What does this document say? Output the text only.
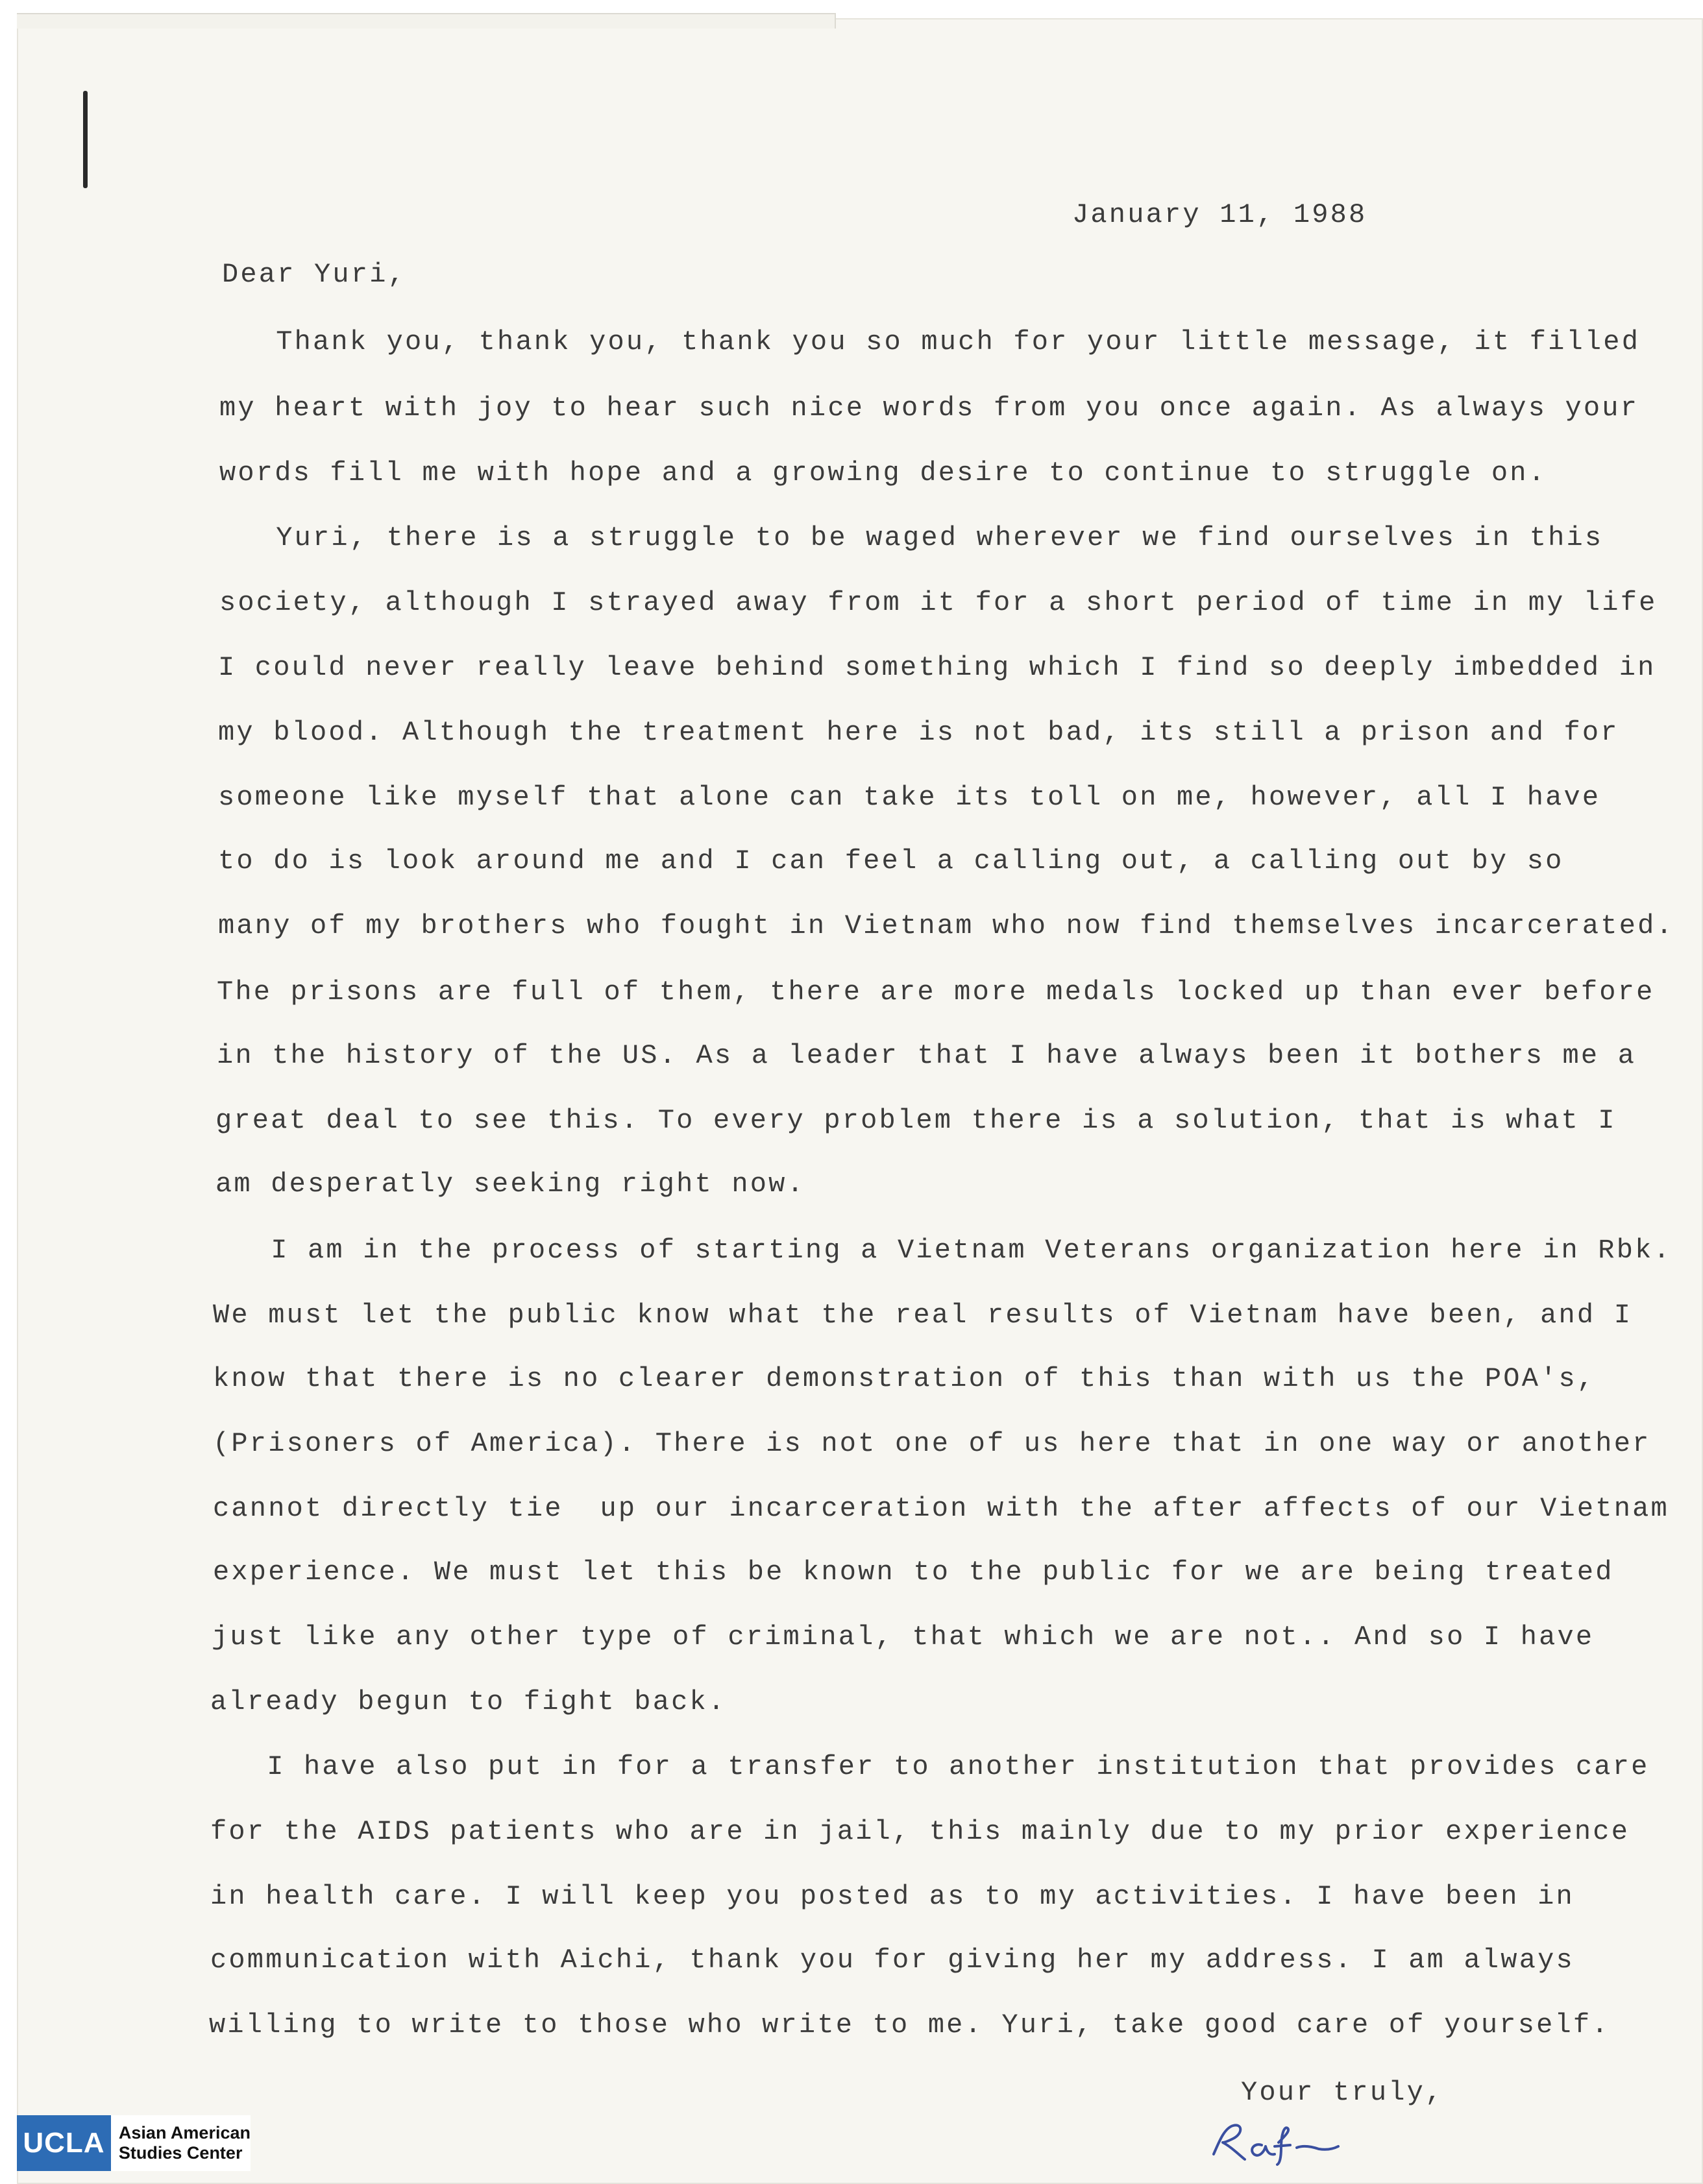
January 11, 1988
Dear Yuri,
Thank you, thank you, thank you so much for your little message, it filled
my heart with joy to hear such nice words from you once again. As always your
words fill me with hope and a growing desire to continue to struggle on.
Yuri, there is a struggle to be waged wherever we find ourselves in this
society, although I strayed away from it for a short period of time in my life
I could never really leave behind something which I find so deeply imbedded in
my blood. Although the treatment here is not bad, its still a prison and for
someone like myself that alone can take its toll on me, however, all I have
to do is look around me and I can feel a calling out, a calling out by so
many of my brothers who fought in Vietnam who now find themselves incarcerated.
The prisons are full of them, there are more medals locked up than ever before
in the history of the US. As a leader that I have always been it bothers me a
great deal to see this. To every problem there is a solution, that is what I
am desperatly seeking right now.
I am in the process of starting a Vietnam Veterans organization here in Rbk.
We must let the public know what the real results of Vietnam have been, and I
know that there is no clearer demonstration of this than with us the POA's,
(Prisoners of America). There is not one of us here that in one way or another
cannot directly tie  up our incarceration with the after affects of our Vietnam
experience. We must let this be known to the public for we are being treated
just like any other type of criminal, that which we are not.. And so I have
already begun to fight back.
I have also put in for a transfer to another institution that provides care
for the AIDS patients who are in jail, this mainly due to my prior experience
in health care. I will keep you posted as to my activities. I have been in
communication with Aichi, thank you for giving her my address. I am always
willing to write to those who write to me. Yuri, take good care of yourself.
Your truly,
UCLA Asian American
Studies Center
